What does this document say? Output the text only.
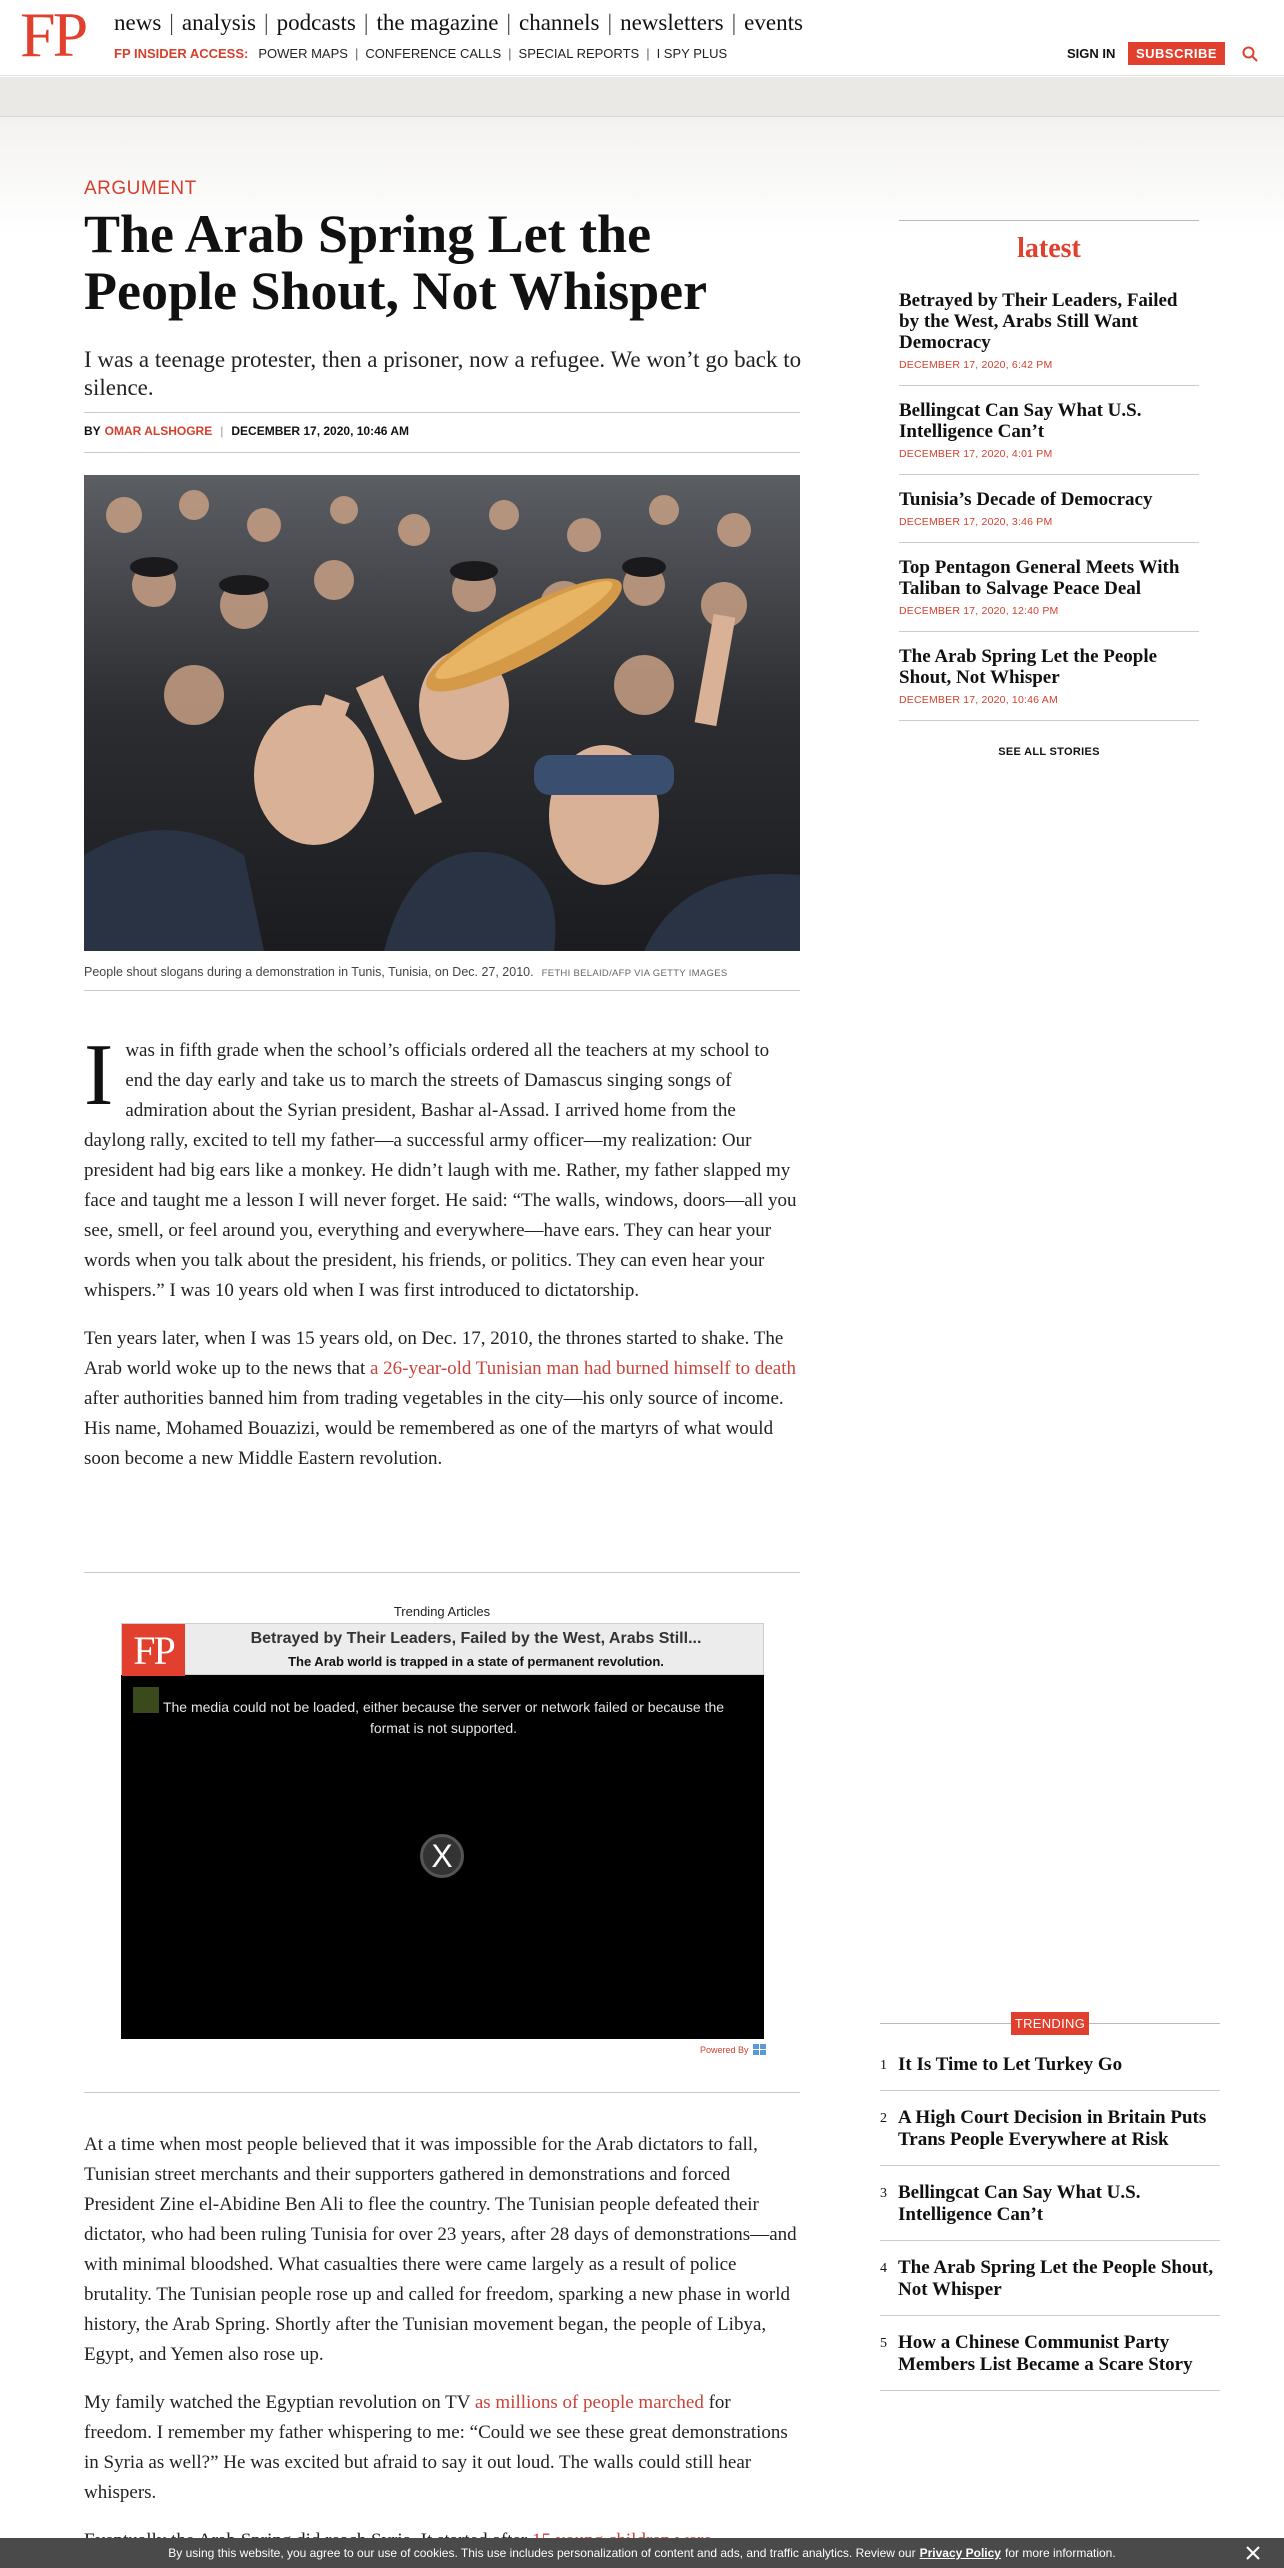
FP news | analysis | podcasts | the magazine | channels | newsletters | events
FP INSIDER ACCESS: POWER MAPS | CONFERENCE CALLS | SPECIAL REPORTS | I SPY PLUS	SIGN IN	SUBSCRIBE
ARGUMENT
The Arab Spring Let the People Shout, Not Whisper
I was a teenage protester, then a prisoner, now a refugee. We won’t go back to silence.
BY OMAR ALSHOGRE | DECEMBER 17, 2020, 10:46 AM
People shout slogans during a demonstration in Tunis, Tunisia, on Dec. 27, 2010. FETHI BELAID/AFP VIA GETTY IMAGES

I was in fifth grade when the school’s officials ordered all the teachers at my school to end the day early and take us to march the streets of Damascus singing songs of admiration about the Syrian president, Bashar al-Assad. I arrived home from the daylong rally, excited to tell my father—a successful army officer—my realization: Our president had big ears like a monkey. He didn’t laugh with me. Rather, my father slapped my face and taught me a lesson I will never forget. He said: “The walls, windows, doors—all you see, smell, or feel around you, everything and everywhere—have ears. They can hear your words when you talk about the president, his friends, or politics. They can even hear your whispers.” I was 10 years old when I was first introduced to dictatorship.

Ten years later, when I was 15 years old, on Dec. 17, 2010, the thrones started to shake. The Arab world woke up to the news that a 26-year-old Tunisian man had burned himself to death after authorities banned him from trading vegetables in the city—his only source of income. His name, Mohamed Bouazizi, would be remembered as one of the martyrs of what would soon become a new Middle Eastern revolution.

Trending Articles
FP	Betrayed by Their Leaders, Failed by the West, Arabs Still...
The Arab world is trapped in a state of permanent revolution.
The media could not be loaded, either because the server or network failed or because the format is not supported.
X
Powered By

At a time when most people believed that it was impossible for the Arab dictators to fall, Tunisian street merchants and their supporters gathered in demonstrations and forced President Zine el-Abidine Ben Ali to flee the country. The Tunisian people defeated their dictator, who had been ruling Tunisia for over 23 years, after 28 days of demonstrations—and with minimal bloodshed. What casualties there were came largely as a result of police brutality. The Tunisian people rose up and called for freedom, sparking a new phase in world history, the Arab Spring. Shortly after the Tunisian movement began, the people of Libya, Egypt, and Yemen also rose up.

My family watched the Egyptian revolution on TV as millions of people marched for freedom. I remember my father whispering to me: “Could we see these great demonstrations in Syria as well?” He was excited but afraid to say it out loud. The walls could still hear whispers.

latest
Betrayed by Their Leaders, Failed by the West, Arabs Still Want Democracy
DECEMBER 17, 2020, 6:42 PM
Bellingcat Can Say What U.S. Intelligence Can’t
DECEMBER 17, 2020, 4:01 PM
Tunisia’s Decade of Democracy
DECEMBER 17, 2020, 3:46 PM
Top Pentagon General Meets With Taliban to Salvage Peace Deal
DECEMBER 17, 2020, 12:40 PM
The Arab Spring Let the People Shout, Not Whisper
DECEMBER 17, 2020, 10:46 AM
SEE ALL STORIES
TRENDING
1 It Is Time to Let Turkey Go
2 A High Court Decision in Britain Puts Trans People Everywhere at Risk
3 Bellingcat Can Say What U.S. Intelligence Can’t
4 The Arab Spring Let the People Shout, Not Whisper
5 How a Chinese Communist Party Members List Became a Scare Story
By using this website, you agree to our use of cookies. This use includes personalization of content and ads, and traffic analytics. Review our Privacy Policy for more information.
